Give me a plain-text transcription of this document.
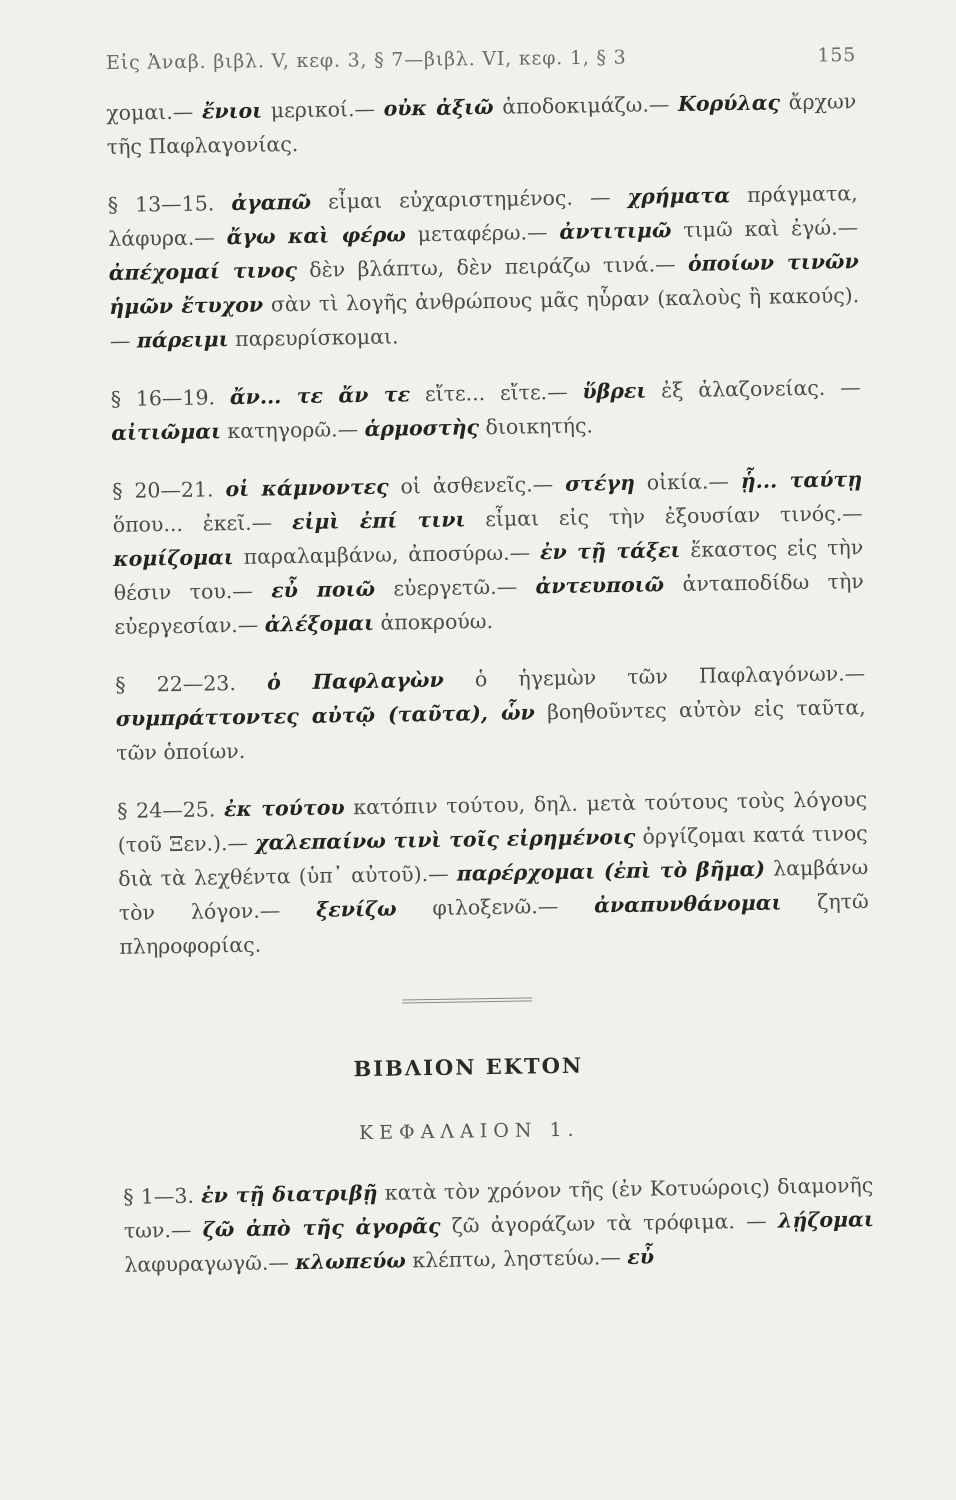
Εἰς Ἀναβ. βιβλ. V, κεφ. 3, § 7—βιβλ. VI, κεφ. 1, § 3	155

χομαι.— ἔνιοι μερικοί.— οὐκ ἀξιῶ ἀποδοκιμάζω.— Κορύλας ἄρχων τῆς Παφλαγονίας.

§ 13—15. ἀγαπῶ εἶμαι εὐχαριστημένος. — χρήματα πράγματα, λάφυρα.— ἄγω καὶ φέρω μεταφέρω.— ἀντιτιμῶ τιμῶ καὶ ἐγώ.— ἀπέχομαί τινος δὲν βλάπτω, δὲν πειράζω τινά.— ὁποίων τινῶν ἡμῶν ἔτυχον σὰν τὶ λογῆς ἀνθρώπους μᾶς ηὗραν (καλοὺς ἢ κακούς).— πάρειμι παρευρίσκομαι.

§ 16—19. ἄν... τε ἄν τε εἴτε... εἴτε.— ὕβρει ἐξ ἀλαζονείας. — αἰτιῶμαι κατηγορῶ.— ἁρμοστὴς διοικητής.

§ 20—21. οἱ κάμνοντες οἱ ἀσθενεῖς.— στέγη οἰκία.— ᾗ... ταύτῃ ὅπου... ἐκεῖ.— εἰμὶ ἐπί τινι εἶμαι εἰς τὴν ἐξουσίαν τινός.— κομίζομαι παραλαμβάνω, ἀποσύρω.— ἐν τῇ τάξει ἕκαστος εἰς τὴν θέσιν του.— εὖ ποιῶ εὐεργετῶ.— ἀντευποιῶ ἀνταποδίδω τὴν εὐεργεσίαν.— ἀλέξομαι ἀποκρούω.

§ 22—23. ὁ Παφλαγὼν ὁ ἡγεμὼν τῶν Παφλαγόνων.— συμπράττοντες αὐτῷ (ταῦτα), ὧν βοηθοῦντες αὐτὸν εἰς ταῦτα, τῶν ὁποίων.

§ 24—25. ἐκ τούτου κατόπιν τούτου, δηλ. μετὰ τούτους τοὺς λόγους (τοῦ Ξεν.).— χαλεπαίνω τινὶ τοῖς εἰρημένοις ὀργίζομαι κατά τινος διὰ τὰ λεχθέντα (ὑπ᾽ αὐτοῦ).— παρέρχομαι (ἐπὶ τὸ βῆμα) λαμβάνω τὸν λόγον.— ξενίζω φιλοξενῶ.— ἀναπυνθάνομαι ζητῶ πληροφορίας.

ΒΙΒΛΙΟΝ ΕΚΤΟΝ
ΚΕΦΑΛΑΙΟΝ 1.

§ 1—3. ἐν τῇ διατριβῇ κατὰ τὸν χρόνον τῆς (ἐν Κοτυώροις) διαμονῆς των.— ζῶ ἀπὸ τῆς ἀγορᾶς ζῶ ἀγοράζων τὰ τρόφιμα. — λῄζομαι λαφυραγωγῶ.— κλωπεύω κλέπτω, ληστεύω.— εὖ
